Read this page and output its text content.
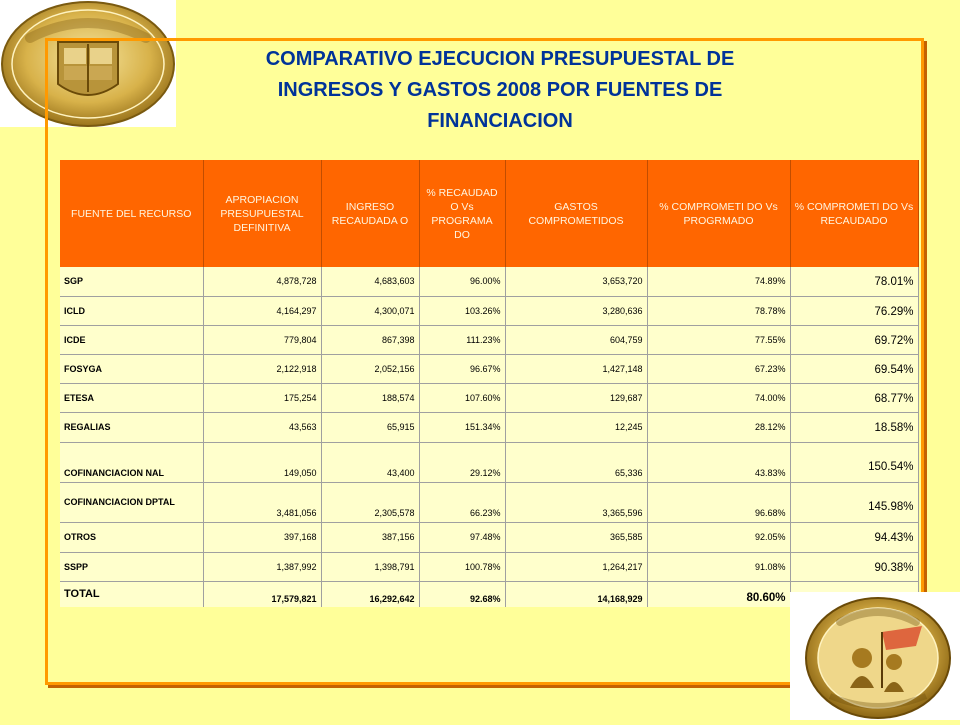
COMPARATIVO EJECUCION PRESUPUESTAL DE
INGRESOS Y GASTOS 2008 POR FUENTES DE
FINANCIACION
FUENTE DEL RECURSO	APROPIACION PRESUPUESTAL DEFINITIVA	INGRESO RECAUDADA O	% RECAUDAD O Vs PROGRAMA DO	GASTOS COMPROMETIDOS	% COMPROMETI DO Vs PROGRMADO	% COMPROMETI DO Vs RECAUDADO
SGP	4,878,728	4,683,603	96.00%	3,653,720	74.89%	78.01%
ICLD	4,164,297	4,300,071	103.26%	3,280,636	78.78%	76.29%
ICDE	779,804	867,398	111.23%	604,759	77.55%	69.72%
FOSYGA	2,122,918	2,052,156	96.67%	1,427,148	67.23%	69.54%
ETESA	175,254	188,574	107.60%	129,687	74.00%	68.77%
REGALIAS	43,563	65,915	151.34%	12,245	28.12%	18.58%
COFINANCIACION NAL	149,050	43,400	29.12%	65,336	43.83%	150.54%
COFINANCIACION DPTAL	3,481,056	2,305,578	66.23%	3,365,596	96.68%	145.98%
OTROS	397,168	387,156	97.48%	365,585	92.05%	94.43%
SSPP	1,387,992	1,398,791	100.78%	1,264,217	91.08%	90.38%
TOTAL	17,579,821	16,292,642	92.68%	14,168,929	80.60%	
